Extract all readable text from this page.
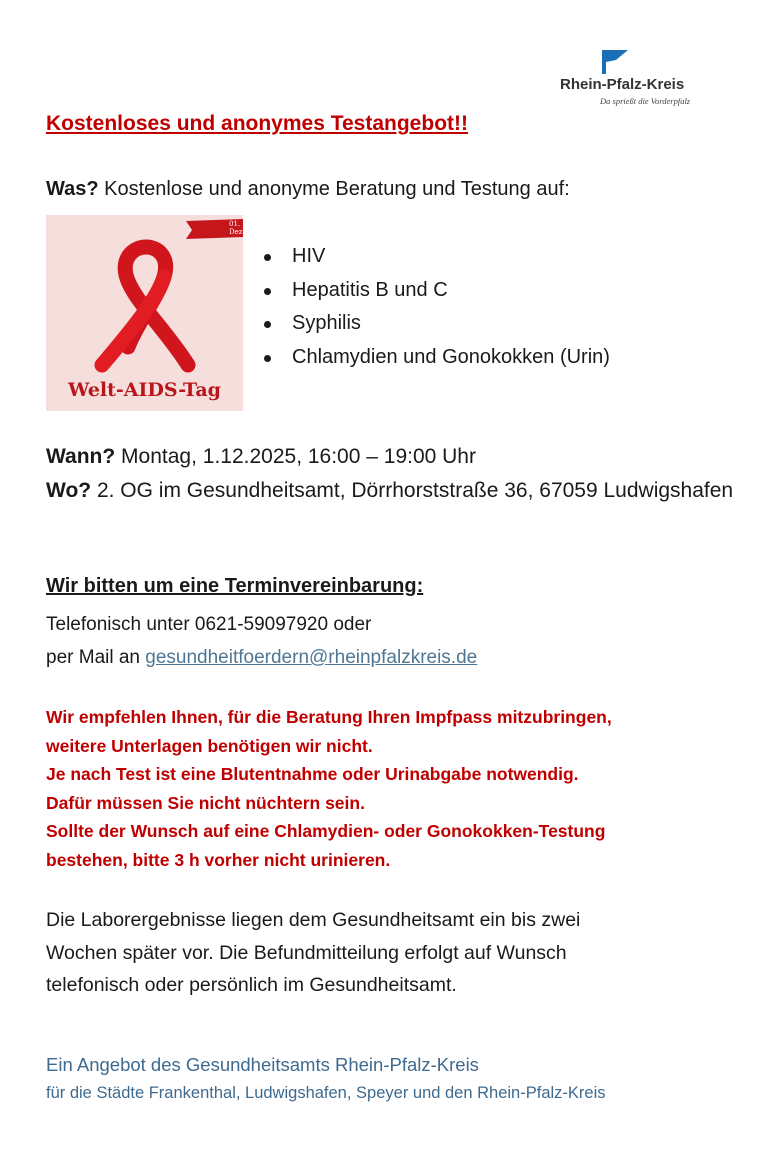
Rhein-Pfalz-Kreis
Da sprießt die Vorderpfalz
Kostenloses und anonymes Testangebot!!
Was? Kostenlose und anonyme Beratung und Testung auf:
01. Dez.
Welt-AIDS-Tag
HIV
Hepatitis B und C
Syphilis
Chlamydien und Gonokokken (Urin)
Wann? Montag, 1.12.2025, 16:00 – 19:00 Uhr
Wo? 2. OG im Gesundheitsamt, Dörrhorststraße 36, 67059 Ludwigshafen
Wir bitten um eine Terminvereinbarung:
Telefonisch unter 0621-59097920 oder
per Mail an gesundheitfoerdern@rheinpfalzkreis.de
Wir empfehlen Ihnen, für die Beratung Ihren Impfpass mitzubringen,
weitere Unterlagen benötigen wir nicht.
Je nach Test ist eine Blutentnahme oder Urinabgabe notwendig.
Dafür müssen Sie nicht nüchtern sein.
Sollte der Wunsch auf eine Chlamydien- oder Gonokokken-Testung
bestehen, bitte 3 h vorher nicht urinieren.
Die Laborergebnisse liegen dem Gesundheitsamt ein bis zwei
Wochen später vor. Die Befundmitteilung erfolgt auf Wunsch
telefonisch oder persönlich im Gesundheitsamt.
Ein Angebot des Gesundheitsamts Rhein-Pfalz-Kreis
für die Städte Frankenthal, Ludwigshafen, Speyer und den Rhein-Pfalz-Kreis
